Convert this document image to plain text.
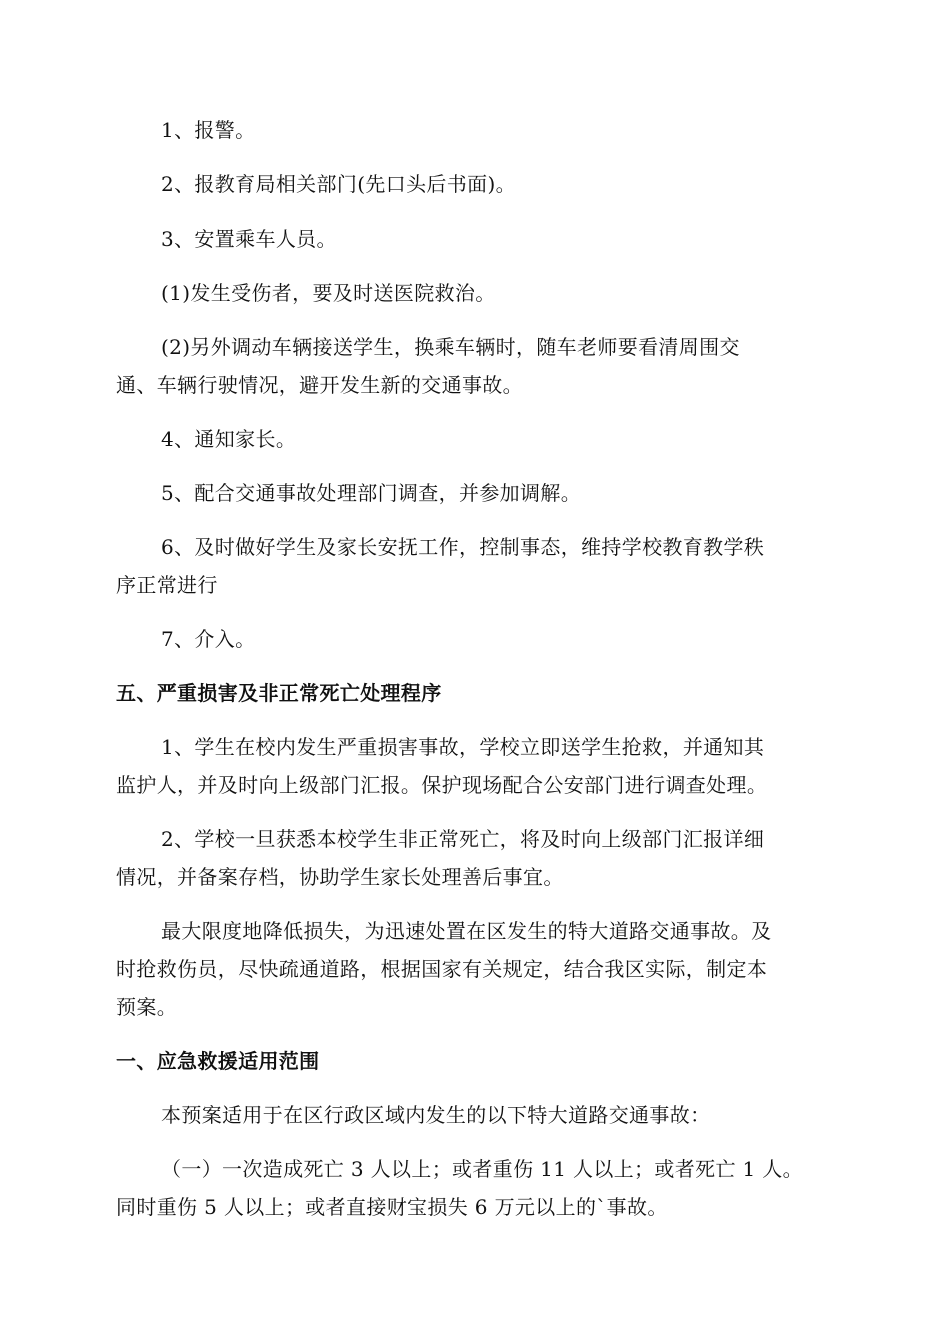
1、报警。
2、报教育局相关部门(先口头后书面)。
3、安置乘车人员。
(1)发生受伤者，要及时送医院救治。
(2)另外调动车辆接送学生，换乘车辆时，随车老师要看清周围交
通、车辆行驶情况，避开发生新的交通事故。
4、通知家长。
5、配合交通事故处理部门调查，并参加调解。
6、及时做好学生及家长安抚工作，控制事态，维持学校教育教学秩
序正常进行
7、介入。
五、严重损害及非正常死亡处理程序
1、学生在校内发生严重损害事故，学校立即送学生抢救，并通知其
监护人，并及时向上级部门汇报。保护现场配合公安部门进行调查处理。
2、学校一旦获悉本校学生非正常死亡，将及时向上级部门汇报详细
情况，并备案存档，协助学生家长处理善后事宜。
最大限度地降低损失，为迅速处置在区发生的特大道路交通事故。及
时抢救伤员，尽快疏通道路，根据国家有关规定，结合我区实际，制定本
预案。
一、应急救援适用范围
本预案适用于在区行政区域内发生的以下特大道路交通事故：
（一）一次造成死亡 3 人以上；或者重伤 11 人以上；或者死亡 1 人。
同时重伤 5 人以上；或者直接财宝损失 6 万元以上的`事故。
